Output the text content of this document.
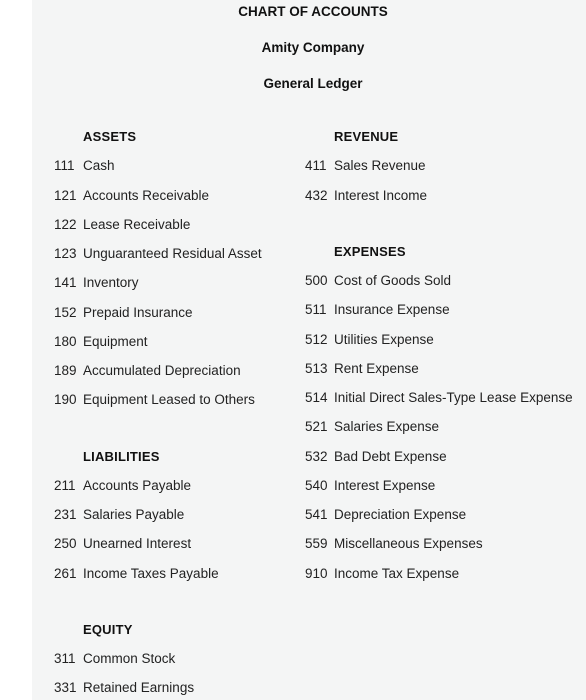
CHART OF ACCOUNTS
Amity Company
General Ledger
ASSETS
111 Cash
121 Accounts Receivable
122 Lease Receivable
123 Unguaranteed Residual Asset
141 Inventory
152 Prepaid Insurance
180 Equipment
189 Accumulated Depreciation
190 Equipment Leased to Others
LIABILITIES
211 Accounts Payable
231 Salaries Payable
250 Unearned Interest
261 Income Taxes Payable
EQUITY
311 Common Stock
331 Retained Earnings
REVENUE
411 Sales Revenue
432 Interest Income
EXPENSES
500 Cost of Goods Sold
511 Insurance Expense
512 Utilities Expense
513 Rent Expense
514 Initial Direct Sales-Type Lease Expense
521 Salaries Expense
532 Bad Debt Expense
540 Interest Expense
541 Depreciation Expense
559 Miscellaneous Expenses
910 Income Tax Expense
